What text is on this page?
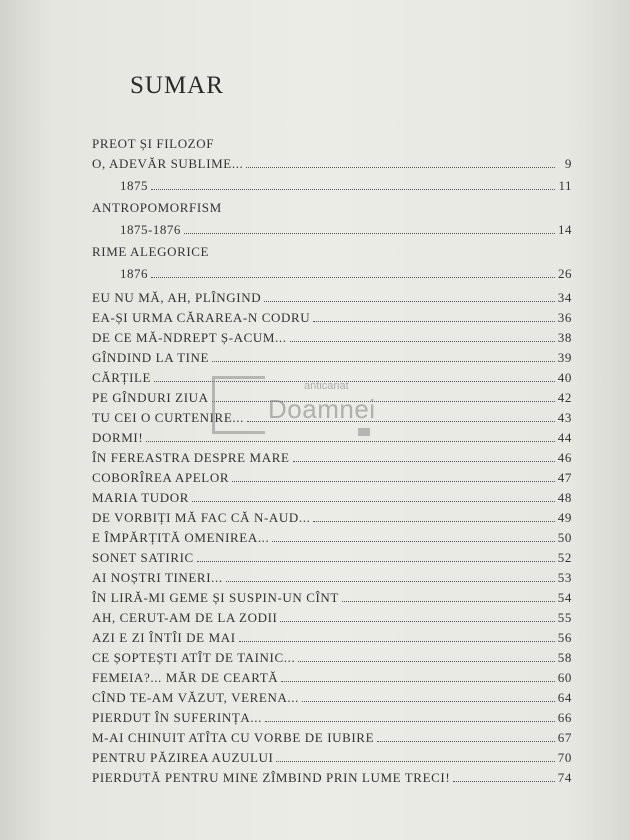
SUMAR
PREOT ȘI FILOZOF
O, ADEVĂR SUBLIME...	9
1875	11
ANTROPOMORFISM
1875-1876	14
RIME ALEGORICE
1876	26
EU NU MĂ, AH, PLÎNGIND	34
EA-ȘI URMA CĂRAREA-N CODRU	36
DE CE MĂ-NDREPT Ș-ACUM...	38
GÎNDIND LA TINE	39
CĂRȚILE	40
PE GÎNDURI ZIUA	42
TU CEI O CURTENIRE...	43
DORMI!	44
ÎN FEREASTRA DESPRE MARE	46
COBORÎREA APELOR	47
MARIA TUDOR	48
DE VORBIȚI MĂ FAC CĂ N-AUD...	49
E ÎMPĂRȚITĂ OMENIREA...	50
SONET SATIRIC	52
AI NOȘTRI TINERI...	53
ÎN LIRĂ-MI GEME ȘI SUSPIN-UN CÎNT	54
AH, CERUT-AM DE LA ZODII	55
AZI E ZI ÎNTÎI DE MAI	56
CE ȘOPTEȘTI ATÎT DE TAINIC...	58
FEMEIA?... MĂR DE CEARTĂ	60
CÎND TE-AM VĂZUT, VERENA...	64
PIERDUT ÎN SUFERINȚA...	66
M-AI CHINUIT ATÎTA CU VORBE DE IUBIRE	67
PENTRU PĂZIREA AUZULUI	70
PIERDUTĂ PENTRU MINE ZÎMBIND PRIN LUME TRECI!	74
anticariat
Doamnei
